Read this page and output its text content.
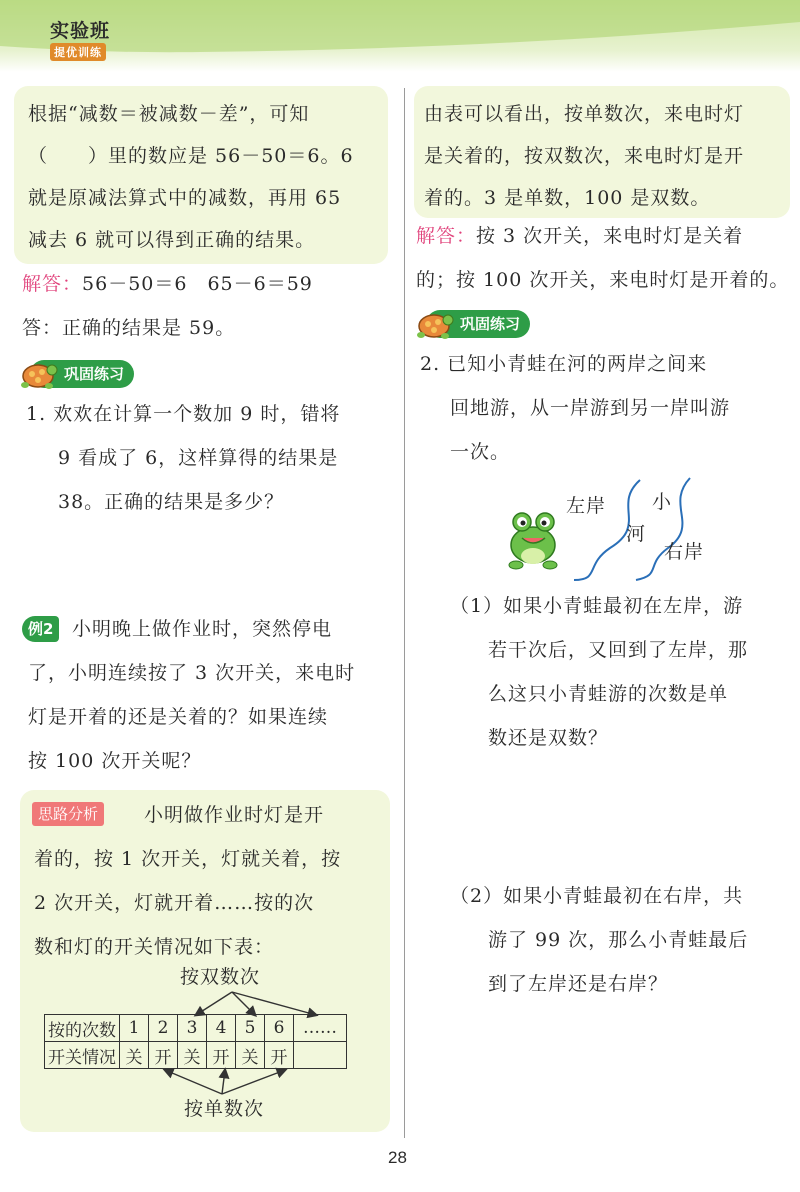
实验班
提优训练
根据“减数＝被减数－差”，可知
（　　）里的数应是 56－50＝6。6
就是原减法算式中的减数，再用 65
减去 6 就可以得到正确的结果。
解答：56－50＝6　65－6＝59
答：正确的结果是 59。
巩固练习
1. 欢欢在计算一个数加 9 时，错将
9 看成了 6，这样算得的结果是
38。正确的结果是多少？
例2 小明晚上做作业时，突然停电
了，小明连续按了 3 次开关，来电时
灯是开着的还是关着的？如果连续
按 100 次开关呢？
思路分析	小明做作业时灯是开
着的，按 1 次开关，灯就关着，按
2 次开关，灯就开着……按的次
数和灯的开关情况如下表：
按双数次
按的次数	1	2	3	4	5	6	……
开关情况	关	开	关	开	关	开	
按单数次
由表可以看出，按单数次，来电时灯
是关着的，按双数次，来电时灯是开
着的。3 是单数，100 是双数。
解答：按 3 次开关，来电时灯是关着
的；按 100 次开关，来电时灯是开着的。
巩固练习
2. 已知小青蛙在河的两岸之间来
回地游，从一岸游到另一岸叫游
一次。
左岸 小
河
右岸
（1）如果小青蛙最初在左岸，游
若干次后，又回到了左岸，那
么这只小青蛙游的次数是单
数还是双数？
（2）如果小青蛙最初在右岸，共
游了 99 次，那么小青蛙最后
到了左岸还是右岸？
28
